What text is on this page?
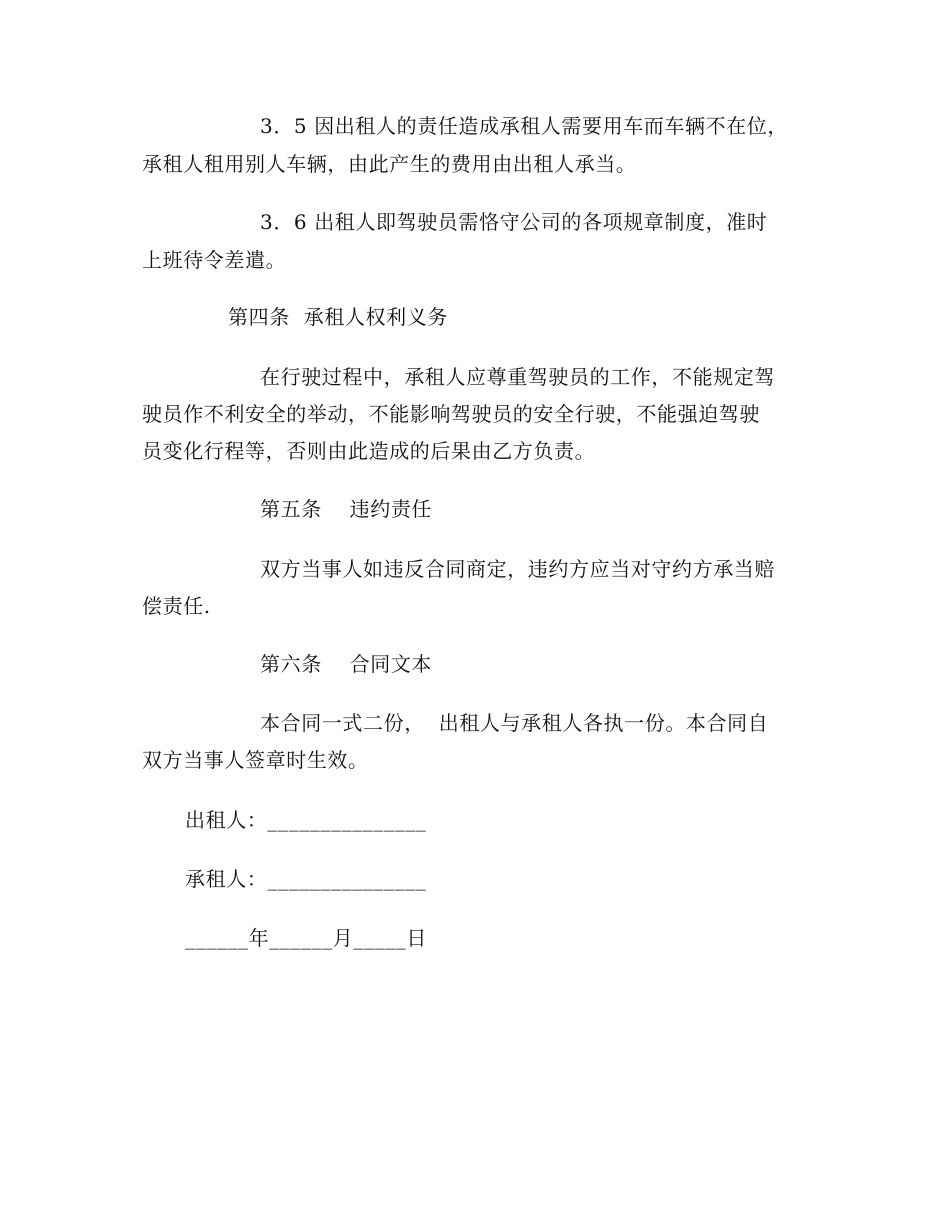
3．5 因出租人的责任造成承租人需要用车而车辆不在位，
承租人租用别人车辆，由此产生的费用由出租人承当。
3．6 出租人即驾驶员需恪守公司的各项规章制度，准时
上班待令差遣。
第四条  承租人权利义务
在行驶过程中，承租人应尊重驾驶员的工作，不能规定驾
驶员作不利安全的举动，不能影响驾驶员的安全行驶，不能强迫驾驶
员变化行程等，否则由此造成的后果由乙方负责。
第五条    违约责任
双方当事人如违反合同商定，违约方应当对守约方承当赔
偿责任.
第六条    合同文本
本合同一式二份，  出租人与承租人各执一份。本合同自
双方当事人签章时生效。
出租人：_______________
承租人：_______________
______年______月_____日
